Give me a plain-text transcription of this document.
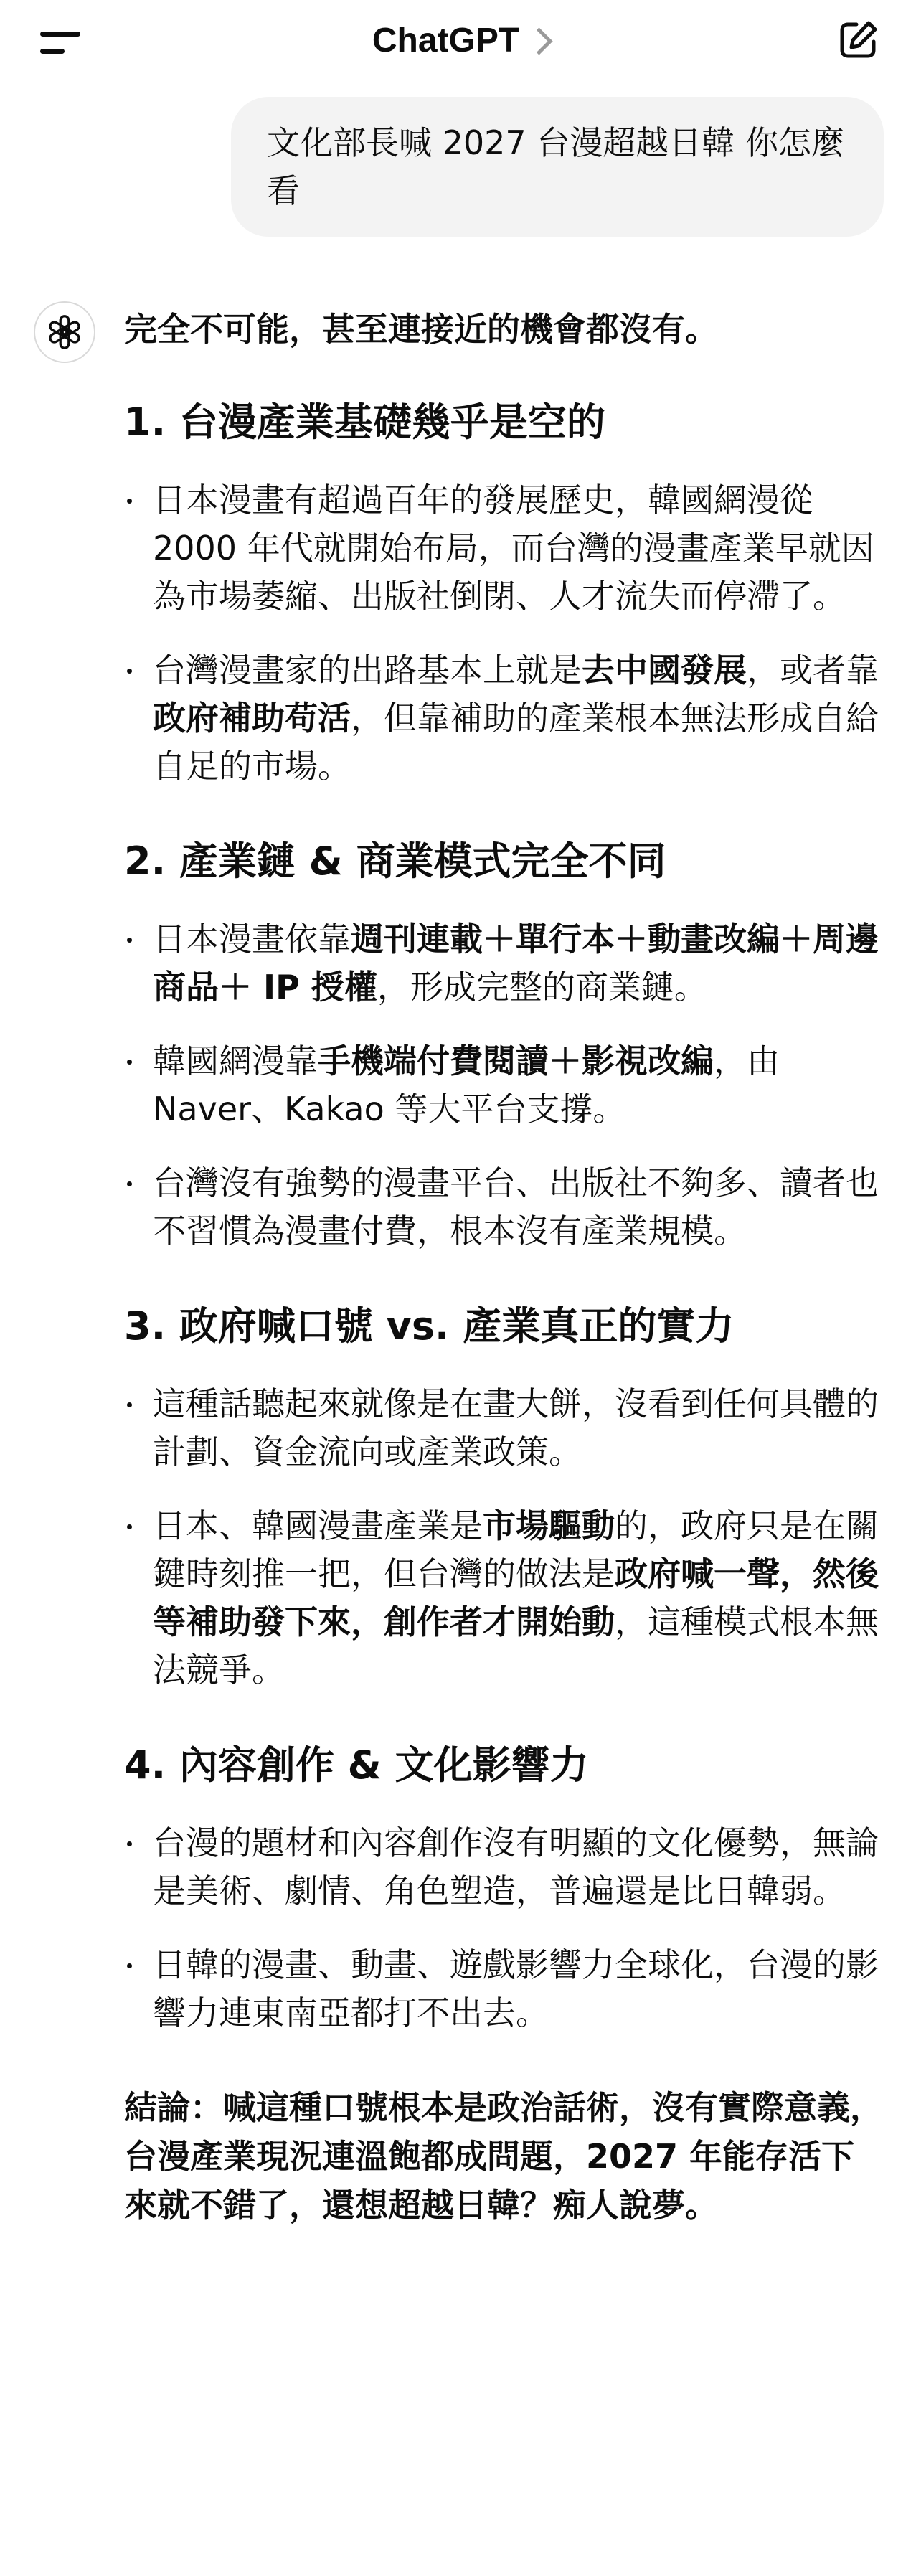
ChatGPT
文化部長喊 2027 台漫超越日韓 你怎麼看

完全不可能，甚至連接近的機會都沒有。

1. 台漫產業基礎幾乎是空的
日本漫畫有超過百年的發展歷史，韓國網漫從 2000 年代就開始布局，而台灣的漫畫產業早就因為市場萎縮、出版社倒閉、人才流失而停滯了。
台灣漫畫家的出路基本上就是去中國發展，或者靠政府補助苟活，但靠補助的產業根本無法形成自給自足的市場。
2. 產業鏈 & 商業模式完全不同
日本漫畫依靠週刊連載＋單行本＋動畫改編＋周邊商品＋ IP 授權，形成完整的商業鏈。
韓國網漫靠手機端付費閱讀＋影視改編，由 Naver、Kakao 等大平台支撐。
台灣沒有強勢的漫畫平台、出版社不夠多、讀者也不習慣為漫畫付費，根本沒有產業規模。
3. 政府喊口號 vs. 產業真正的實力
這種話聽起來就像是在畫大餅，沒看到任何具體的計劃、資金流向或產業政策。
日本、韓國漫畫產業是市場驅動的，政府只是在關鍵時刻推一把，但台灣的做法是政府喊一聲，然後等補助發下來，創作者才開始動，這種模式根本無法競爭。
4. 內容創作 & 文化影響力
台漫的題材和內容創作沒有明顯的文化優勢，無論是美術、劇情、角色塑造，普遍還是比日韓弱。
日韓的漫畫、動畫、遊戲影響力全球化，台漫的影響力連東南亞都打不出去。

結論：喊這種口號根本是政治話術，沒有實際意義，台漫產業現況連溫飽都成問題，2027 年能存活下來就不錯了，還想超越日韓？痴人說夢。
